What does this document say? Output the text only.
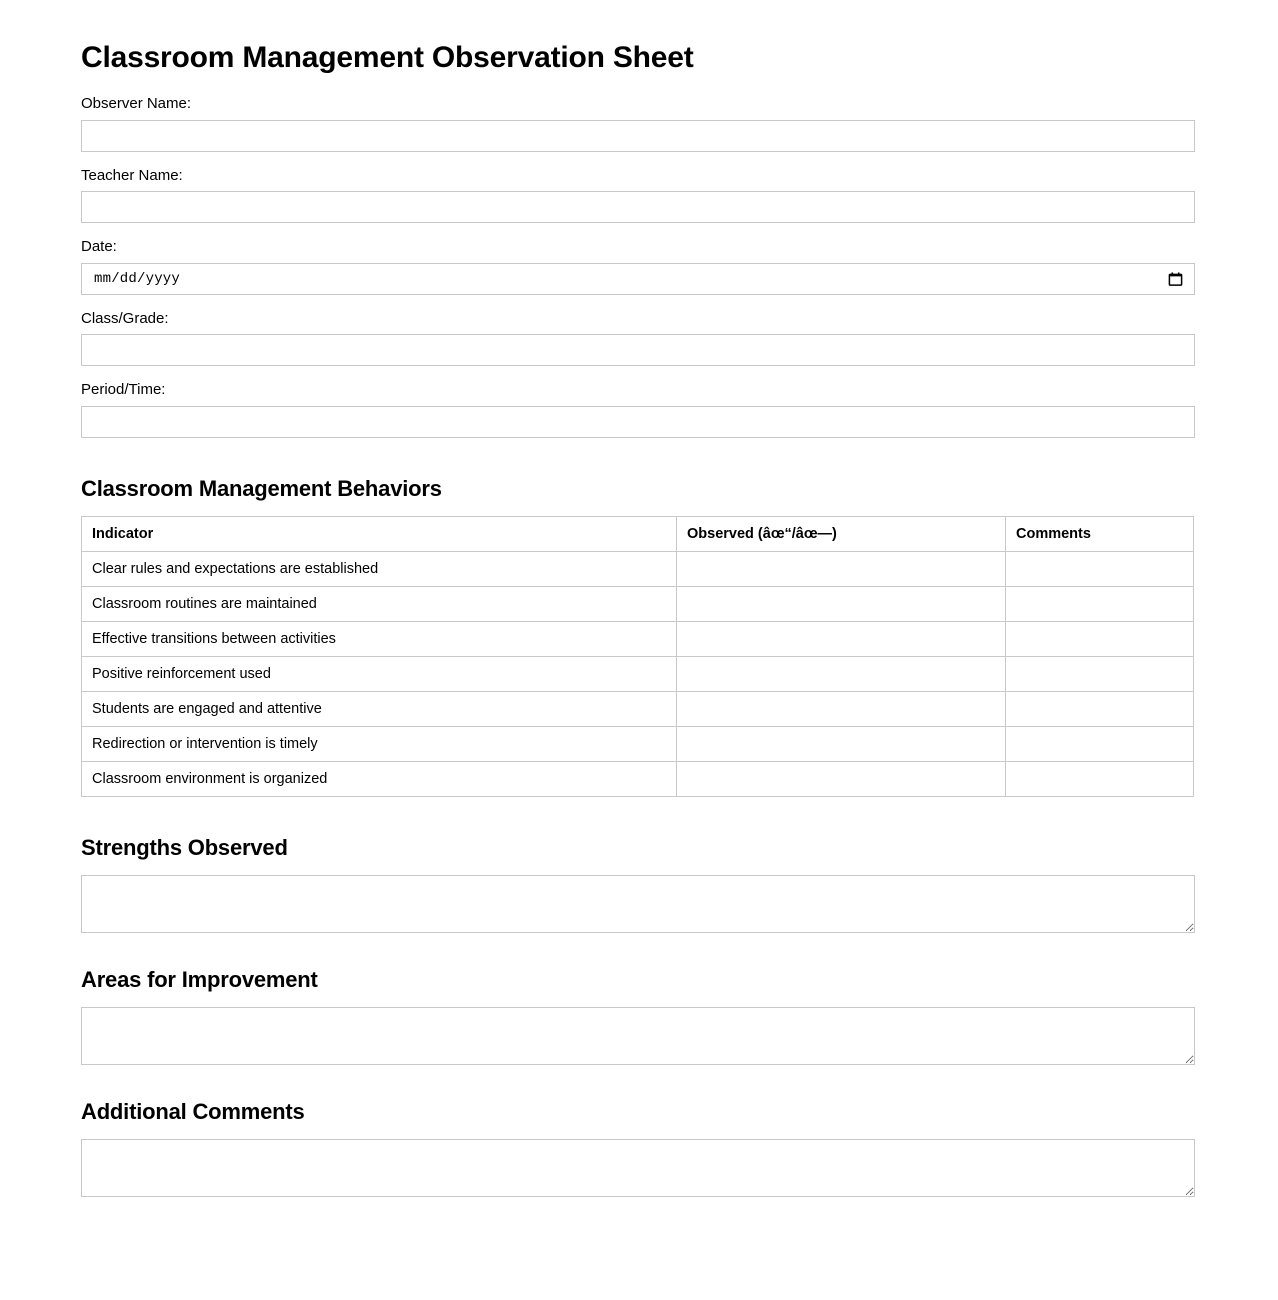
Classroom Management Observation Sheet
Observer Name:
Teacher Name:
Date:
mm/dd/yyyy
Class/Grade:
Period/Time:
Classroom Management Behaviors
Indicator	Observed (âœ“/âœ—)	Comments
Clear rules and expectations are established		
Classroom routines are maintained		
Effective transitions between activities		
Positive reinforcement used		
Students are engaged and attentive		
Redirection or intervention is timely		
Classroom environment is organized		
Strengths Observed
Areas for Improvement
Additional Comments
